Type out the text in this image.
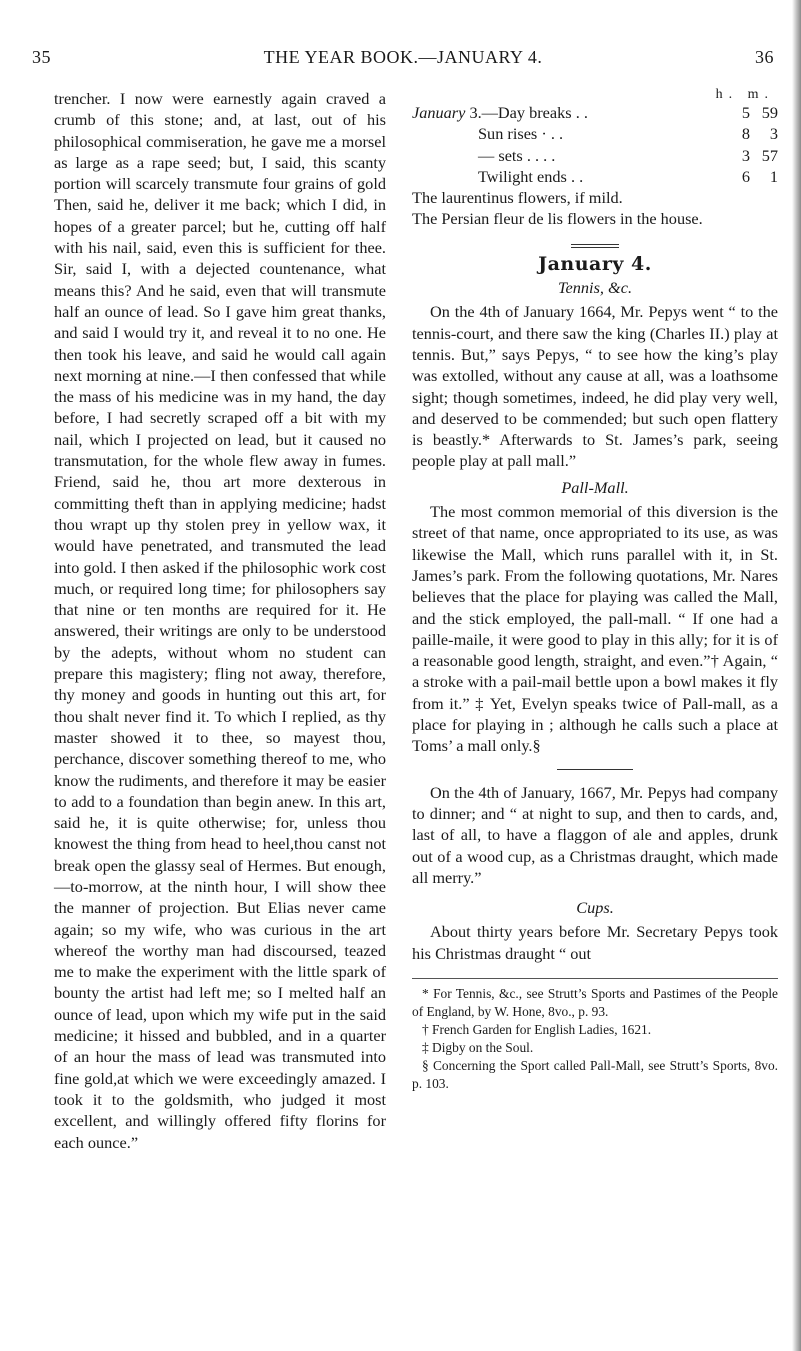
35	THE YEAR BOOK.—JANUARY 4.	36

trencher. I now were earnestly again craved a crumb of this stone; and, at last, out of his philosophical commiseration, he gave me a morsel as large as a rape seed; but, I said, this scanty portion will scarcely transmute four grains of gold Then, said he, deliver it me back; which I did, in hopes of a greater parcel; but he, cutting off half with his nail, said, even this is sufficient for thee. Sir, said I, with a dejected countenance, what means this? And he said, even that will transmute half an ounce of lead. So I gave him great thanks, and said I would try it, and reveal it to no one. He then took his leave, and said he would call again next morning at nine.—I then confessed that while the mass of his medicine was in my hand, the day before, I had secretly scraped off a bit with my nail, which I projected on lead, but it caused no transmutation, for the whole flew away in fumes. Friend, said he, thou art more dexterous in committing theft than in applying medicine; hadst thou wrapt up thy stolen prey in yellow wax, it would have penetrated, and transmuted the lead into gold. I then asked if the philosophic work cost much, or required long time; for philosophers say that nine or ten months are required for it. He answered, their writings are only to be understood by the adepts, without whom no student can prepare this magistery; fling not away, therefore, thy money and goods in hunting out this art, for thou shalt never find it. To which I replied, as thy master showed it to thee, so mayest thou, perchance, discover something thereof to me, who know the rudiments, and therefore it may be easier to add to a foundation than begin anew. In this art, said he, it is quite otherwise; for, unless thou knowest the thing from head to heel,thou canst not break open the glassy seal of Hermes. But enough,—to-morrow, at the ninth hour, I will show thee the manner of projection. But Elias never came again; so my wife, who was curious in the art whereof the worthy man had discoursed, teazed me to make the experiment with the little spark of bounty the artist had left me; so I melted half an ounce of lead, upon which my wife put in the said medicine; it hissed and bubbled, and in a quarter of an hour the mass of lead was transmuted into fine gold,at which we were exceedingly amazed. I took it to the goldsmith, who judged it most excellent, and willingly offered fifty florins for each ounce.”

h. m.
January 3.—Day breaks . .	5 59
Sun rises · . .	8	3
— sets . . . .	3 57
Twilight ends . .	6	1

The laurentinus flowers, if mild.

The Persian fleur de lis flowers in the house.

January 4.
Tennis, &c.

On the 4th of January 1664, Mr. Pepys went “ to the tennis-court, and there saw the king (Charles II.) play at tennis. But,” says Pepys, “ to see how the king’s play was extolled, without any cause at all, was a loathsome sight; though sometimes, indeed, he did play very well, and deserved to be commended; but such open flattery is beastly.* Afterwards to St. James’s park, seeing people play at pall mall.”

Pall-Mall.

The most common memorial of this diversion is the street of that name, once appropriated to its use, as was likewise the Mall, which runs parallel with it, in St. James’s park. From the following quotations, Mr. Nares believes that the place for playing was called the Mall, and the stick employed, the pall-mall. “ If one had a paille-maile, it were good to play in this ally; for it is of a reasonable good length, straight, and even.”† Again, “ a stroke with a pail-mail bettle upon a bowl makes it fly from it.” ‡ Yet, Evelyn speaks twice of Pall-mall, as a place for playing in ; although he calls such a place at Toms’ a mall only.§

On the 4th of January, 1667, Mr. Pepys had company to dinner; and “ at night to sup, and then to cards, and, last of all, to have a flaggon of ale and apples, drunk out of a wood cup, as a Christmas draught, which made all merry.”

Cups.

About thirty years before Mr. Secretary Pepys took his Christmas draught “ out

* For Tennis, &c., see Strutt’s Sports and Pastimes of the People of England, by W. Hone, 8vo., p. 93.

† French Garden for English Ladies, 1621.

‡ Digby on the Soul.

§ Concerning the Sport called Pall-Mall, see Strutt’s Sports, 8vo. p. 103.
